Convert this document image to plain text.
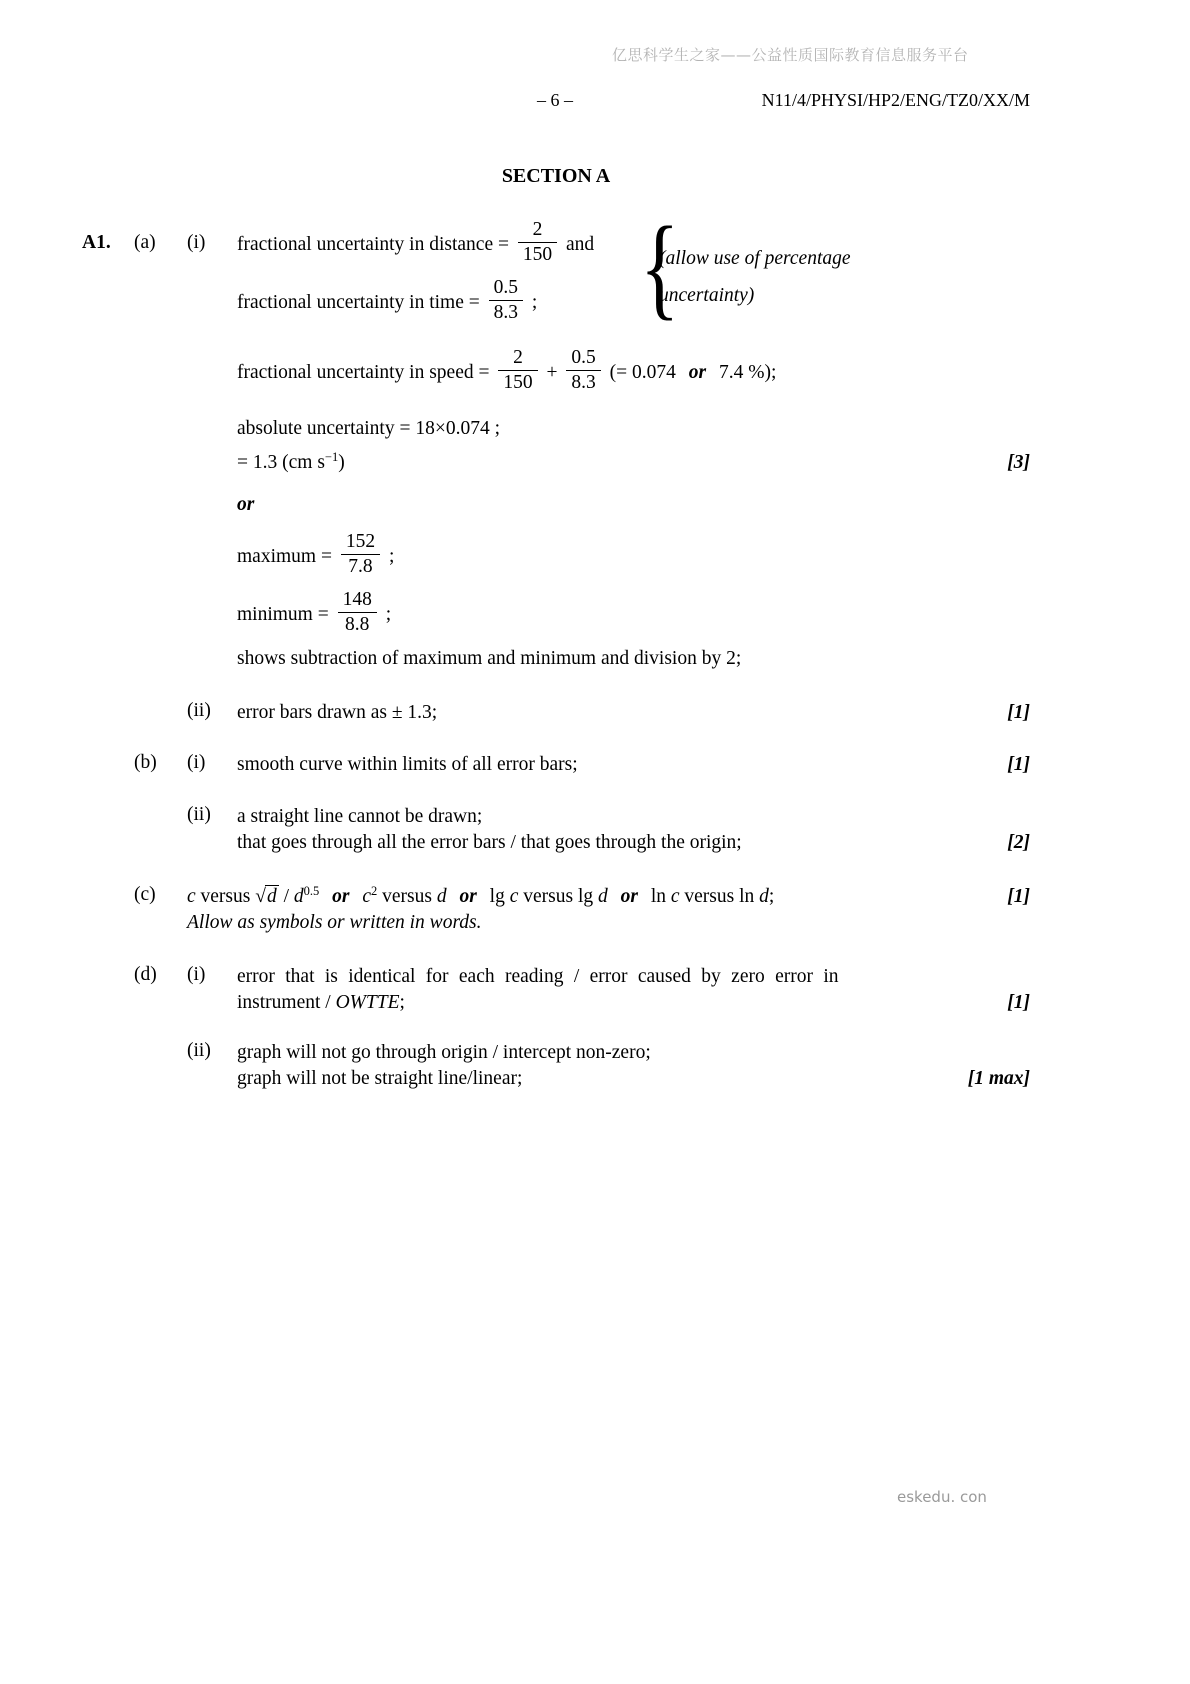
亿思科学生之家——公益性质国际教育信息服务平台
– 6 –	N11/4/PHYSI/HP2/ENG/TZ0/XX/M
SECTION A
A1.	(a)	(i)
{
(allow use of percentage
uncertainty)
fractional uncertainty in distance = $\frac{2}{150}$ and
fractional uncertainty in time = $\frac{0.5}{8.3}$ ;
fractional uncertainty in speed = $\frac{2}{150} + \frac{0.5}{8.3}$ (= 0.074 or 7.4 %);
absolute uncertainty = 18×0.074 ;
= 1.3 (cm $s^{-1}$)	[3]
or
maximum = $\frac{152}{7.8}$ ;
minimum = $\frac{148}{8.8}$ ;
shows subtraction of maximum and minimum and division by 2;
(ii)	error bars drawn as ± 1.3;	[1]
(b)	(i)	smooth curve within limits of all error bars;	[1]
(ii)	a straight line cannot be drawn;
that goes through all the error bars / that goes through the origin;	[2]
(c)	c versus $√d / d^{0.5}$ or $c^2$ versus d or lg c versus lg d or ln c versus ln d;	[1]
Allow as symbols or written in words.
(d)	(i)	error that is identical for each reading / error caused by zero error in
instrument / OWTTE;	[1]
(ii)	graph will not go through origin / intercept non-zero;
graph will not be straight line/linear;	[1 max]
eskedu. con
